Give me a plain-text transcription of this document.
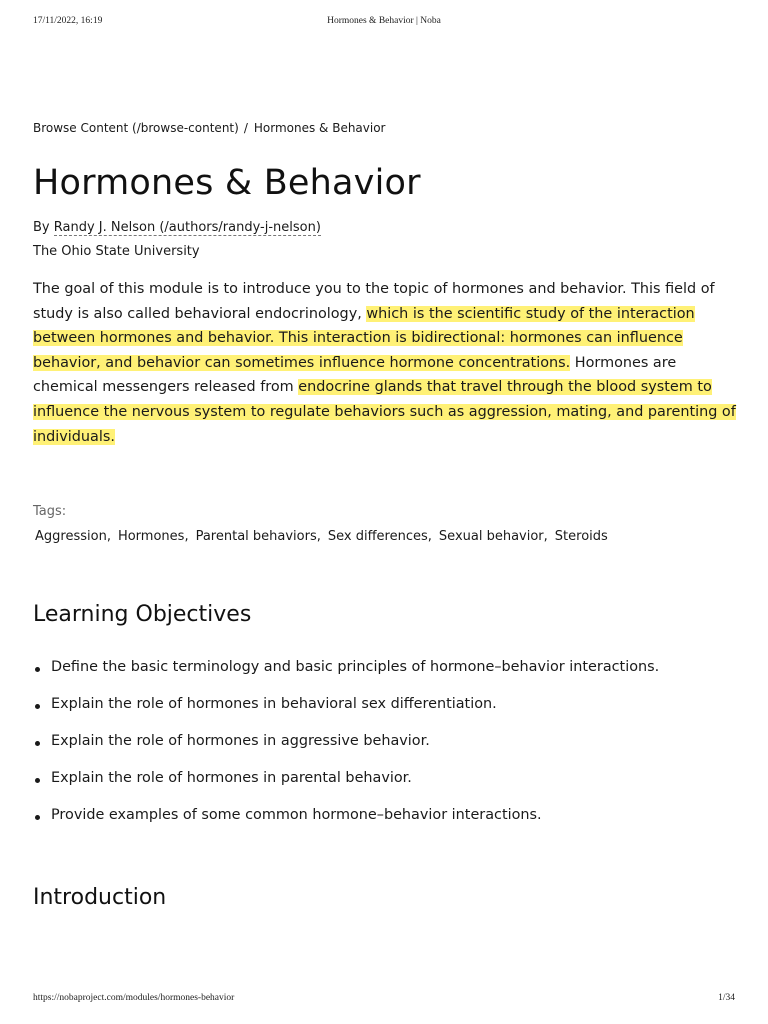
17/11/2022, 16:19	Hormones & Behavior | Noba
Browse Content (/browse-content) / Hormones & Behavior
Hormones & Behavior
By Randy J. Nelson (/authors/randy-j-nelson)
The Ohio State University

The goal of this module is to introduce you to the topic of hormones and behavior. This field of study is also called behavioral endocrinology, which is the scientific study of the interaction between hormones and behavior. This interaction is bidirectional: hormones can influence behavior, and behavior can sometimes influence hormone concentrations. Hormones are chemical messengers released from endocrine glands that travel through the blood system to influence the nervous system to regulate behaviors such as aggression, mating, and parenting of individuals.

Tags:
Aggression , Hormones , Parental behaviors , Sex differences , Sexual behavior , Steroids
Learning Objectives
Define the basic terminology and basic principles of hormone–behavior interactions.
Explain the role of hormones in behavioral sex differentiation.
Explain the role of hormones in aggressive behavior.
Explain the role of hormones in parental behavior.
Provide examples of some common hormone–behavior interactions.
Introduction
https://nobaproject.com/modules/hormones-behavior	1/34
